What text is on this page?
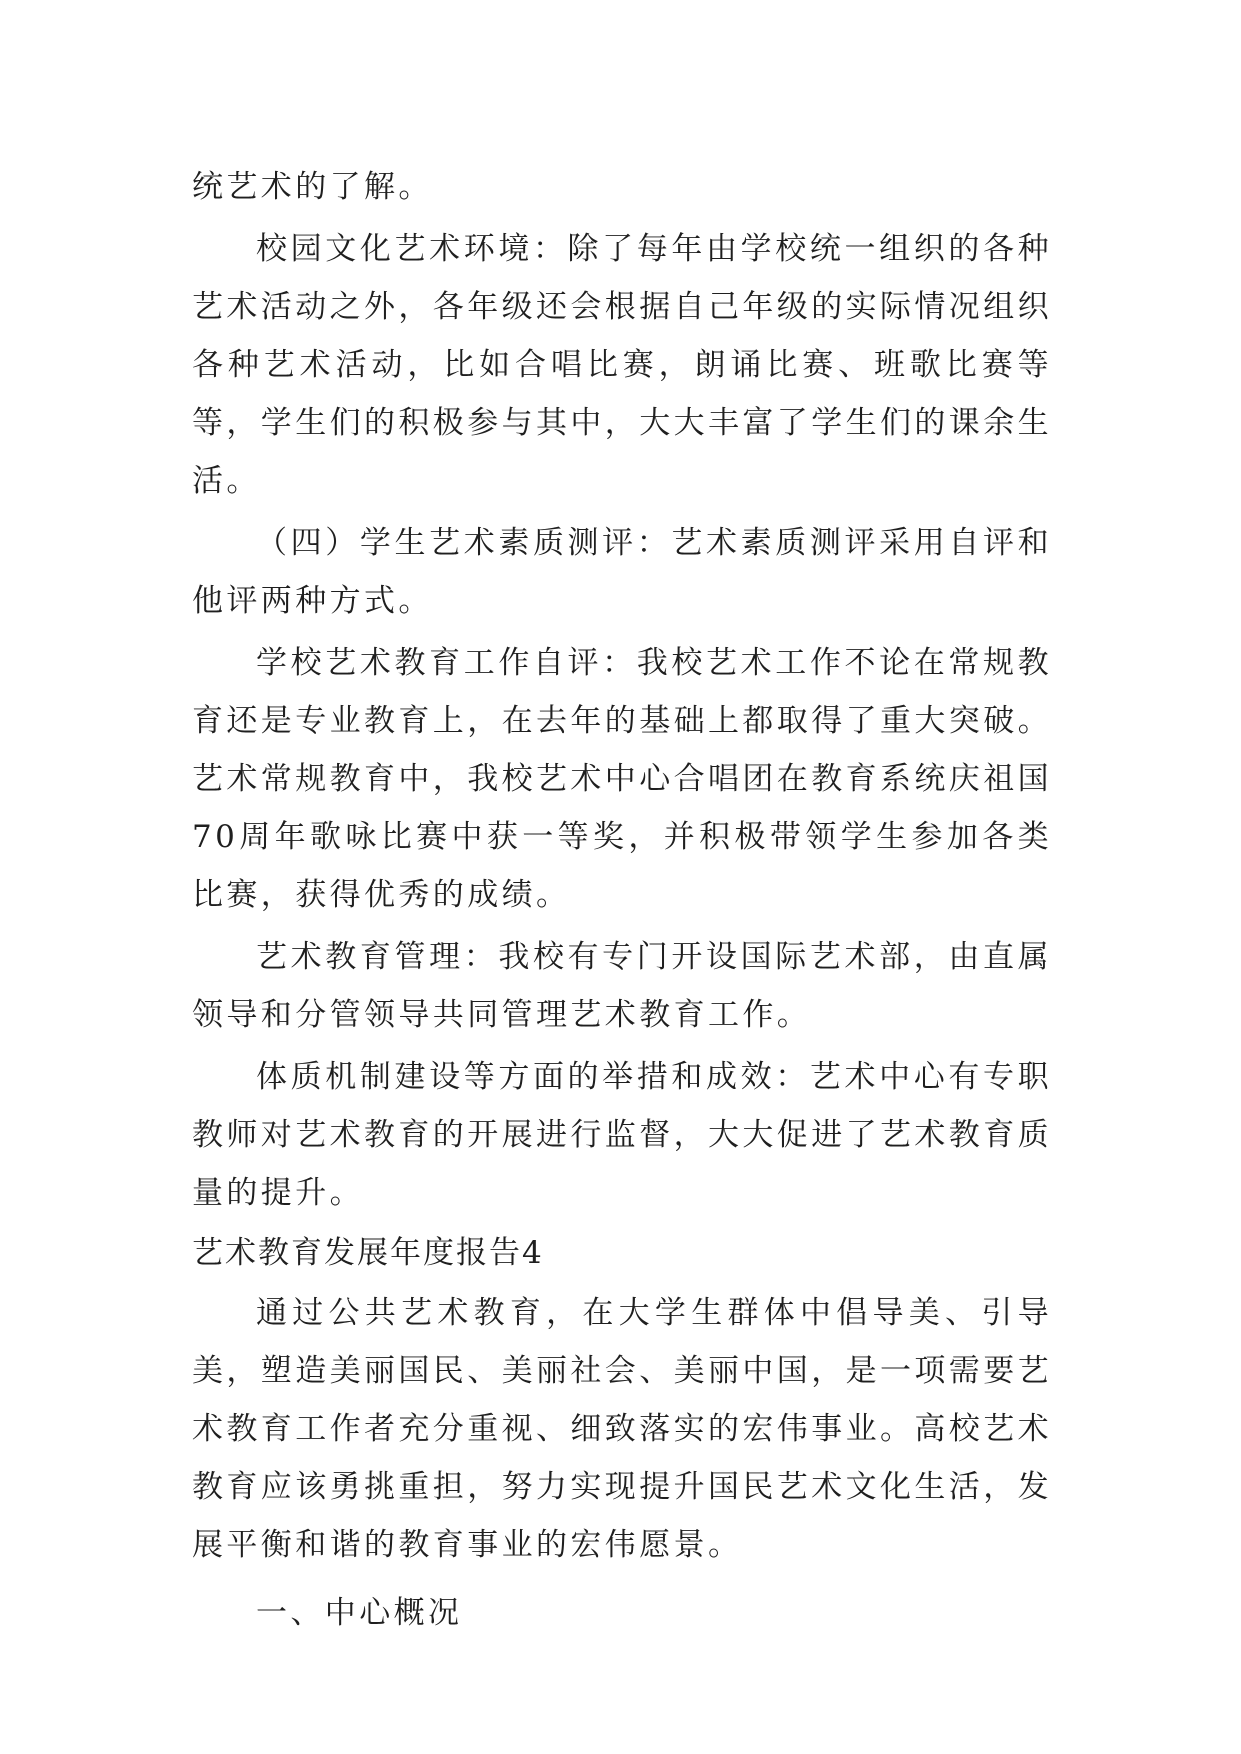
统艺术的了解。

校园文化艺术环境：除了每年由学校统一组织的各种艺术活动之外，各年级还会根据自己年级的实际情况组织各种艺术活动，比如合唱比赛，朗诵比赛、班歌比赛等等，学生们的积极参与其中，大大丰富了学生们的课余生活。

（四）学生艺术素质测评：艺术素质测评采用自评和他评两种方式。

学校艺术教育工作自评：我校艺术工作不论在常规教育还是专业教育上，在去年的基础上都取得了重大突破。艺术常规教育中，我校艺术中心合唱团在教育系统庆祖国70周年歌咏比赛中获一等奖，并积极带领学生参加各类比赛，获得优秀的成绩。

艺术教育管理：我校有专门开设国际艺术部，由直属领导和分管领导共同管理艺术教育工作。

体质机制建设等方面的举措和成效：艺术中心有专职教师对艺术教育的开展进行监督，大大促进了艺术教育质量的提升。

艺术教育发展年度报告4

通过公共艺术教育，在大学生群体中倡导美、引导美，塑造美丽国民、美丽社会、美丽中国，是一项需要艺术教育工作者充分重视、细致落实的宏伟事业。高校艺术教育应该勇挑重担，努力实现提升国民艺术文化生活，发展平衡和谐的教育事业的宏伟愿景。

一、中心概况
